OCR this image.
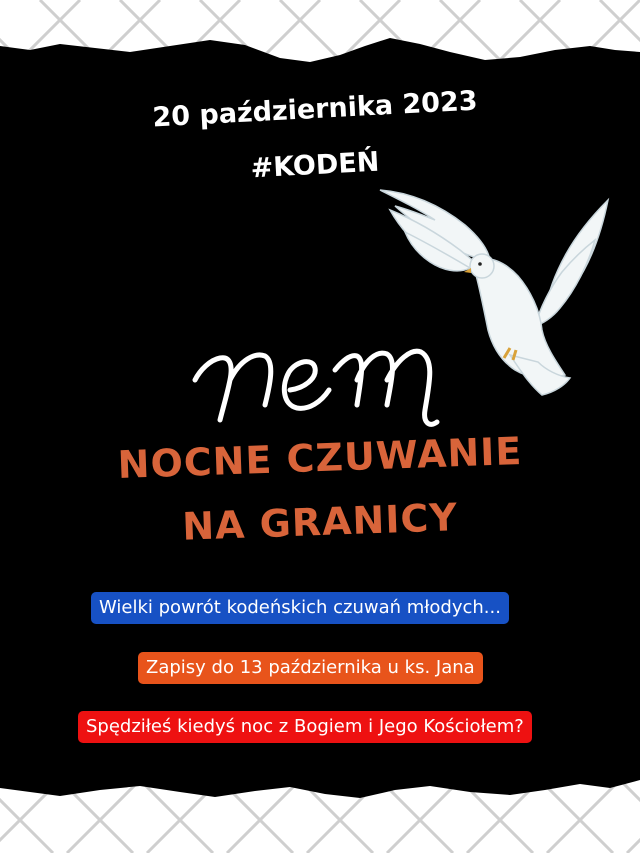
20 października 2023
#KODEŃ
NOCNE CZUWANIE
NA GRANICY
Wielki powrót kodeńskich czuwań młodych...
Zapisy do 13 października u ks. Jana
Spędziłeś kiedyś noc z Bogiem i Jego Kościołem?
